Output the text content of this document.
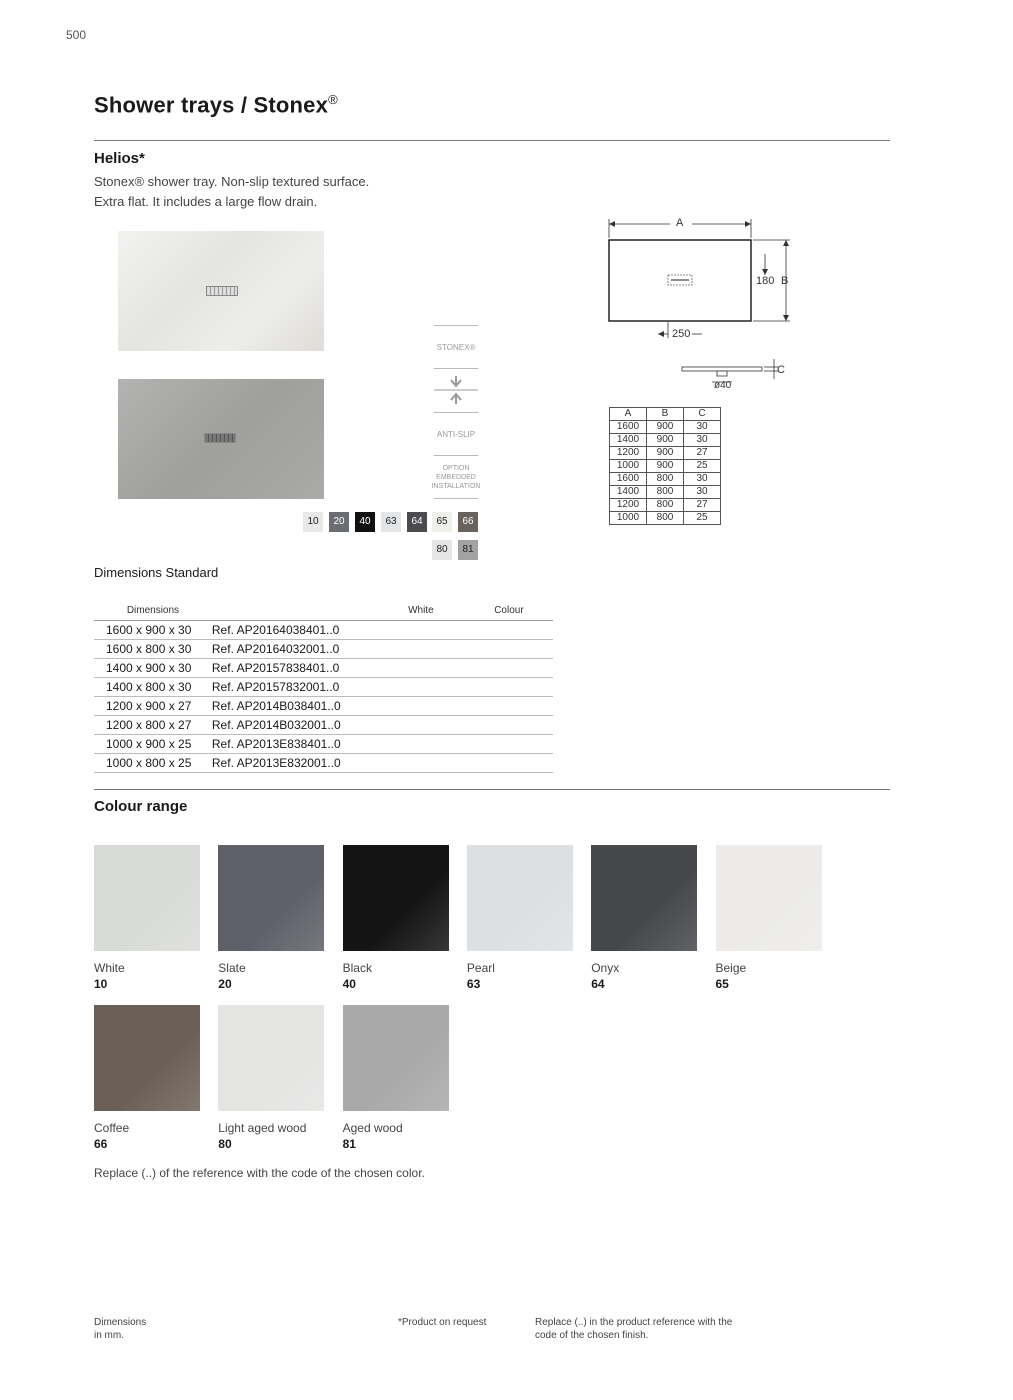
500
Shower trays / Stonex®
Helios*
Stonex® shower tray. Non-slip textured surface.
Extra flat. It includes a large flow drain.
STONEX®
ANTI-SLIP
OPTION
EMBEDDED
INSTALLATION
10	20	40	63	64	65	66
80	81
A
B
180
250
C
ø40
A	B	C
1600	900	30
1400	900	30
1200	900	27
1000	900	25
1600	800	30
1400	800	30
1200	800	27
1000	800	25
Dimensions Standard
Dimensions		White	Colour
1600 x 900 x 30	Ref. AP20164038401..0		
1600 x 800 x 30	Ref. AP20164032001..0		
1400 x 900 x 30	Ref. AP20157838401..0		
1400 x 800 x 30	Ref. AP20157832001..0		
1200 x 900 x 27	Ref. AP2014B038401..0		
1200 x 800 x 27	Ref. AP2014B032001..0		
1000 x 900 x 25	Ref. AP2013E838401..0		
1000 x 800 x 25	Ref. AP2013E832001..0		
Colour range
White
10
Slate
20
Black
40
Pearl
63
Onyx
64
Beige
65
Coffee
66
Light aged wood
80
Aged wood
81
Replace (..) of the reference with the code of the chosen color.
Dimensions
in mm.
*Product on request	Replace (..) in the product reference with the
code of the chosen finish.
